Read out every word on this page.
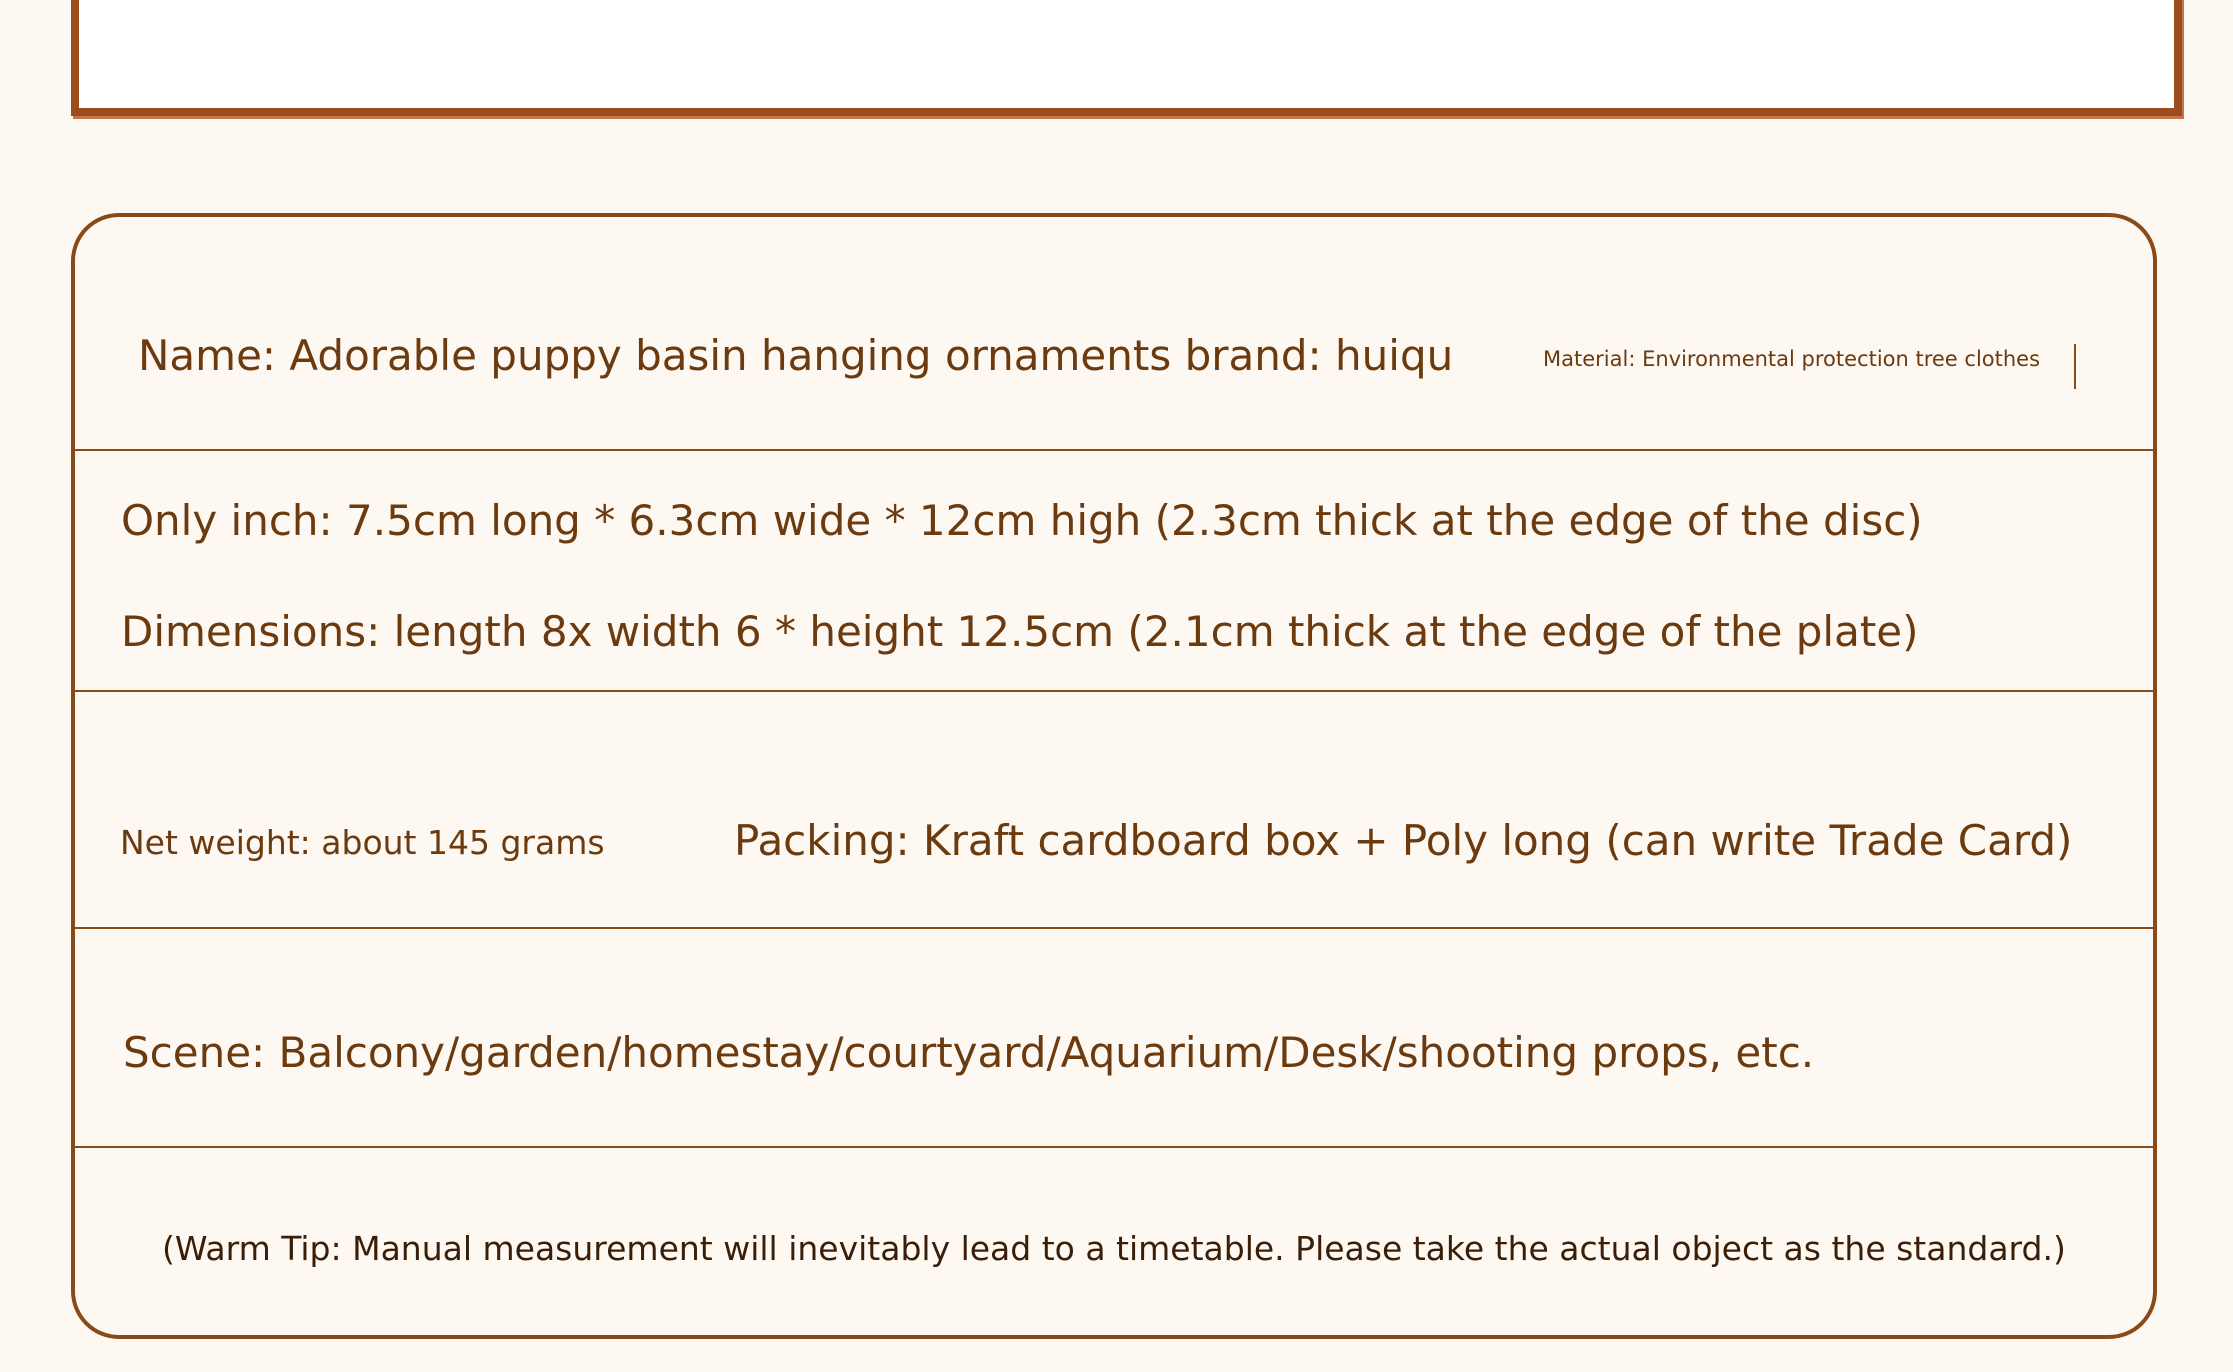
Name: Adorable puppy basin hanging ornaments brand: huiqu	Material: Environmental protection tree clothes
Only inch: 7.5cm long * 6.3cm wide * 12cm high (2.3cm thick at the edge of the disc)
Dimensions: length 8x width 6 * height 12.5cm (2.1cm thick at the edge of the plate)
Net weight: about 145 grams	Packing: Kraft cardboard box + Poly long (can write Trade Card)
Scene: Balcony/garden/homestay/courtyard/Aquarium/Desk/shooting props, etc.
(Warm Tip: Manual measurement will inevitably lead to a timetable. Please take the actual object as the standard.)
